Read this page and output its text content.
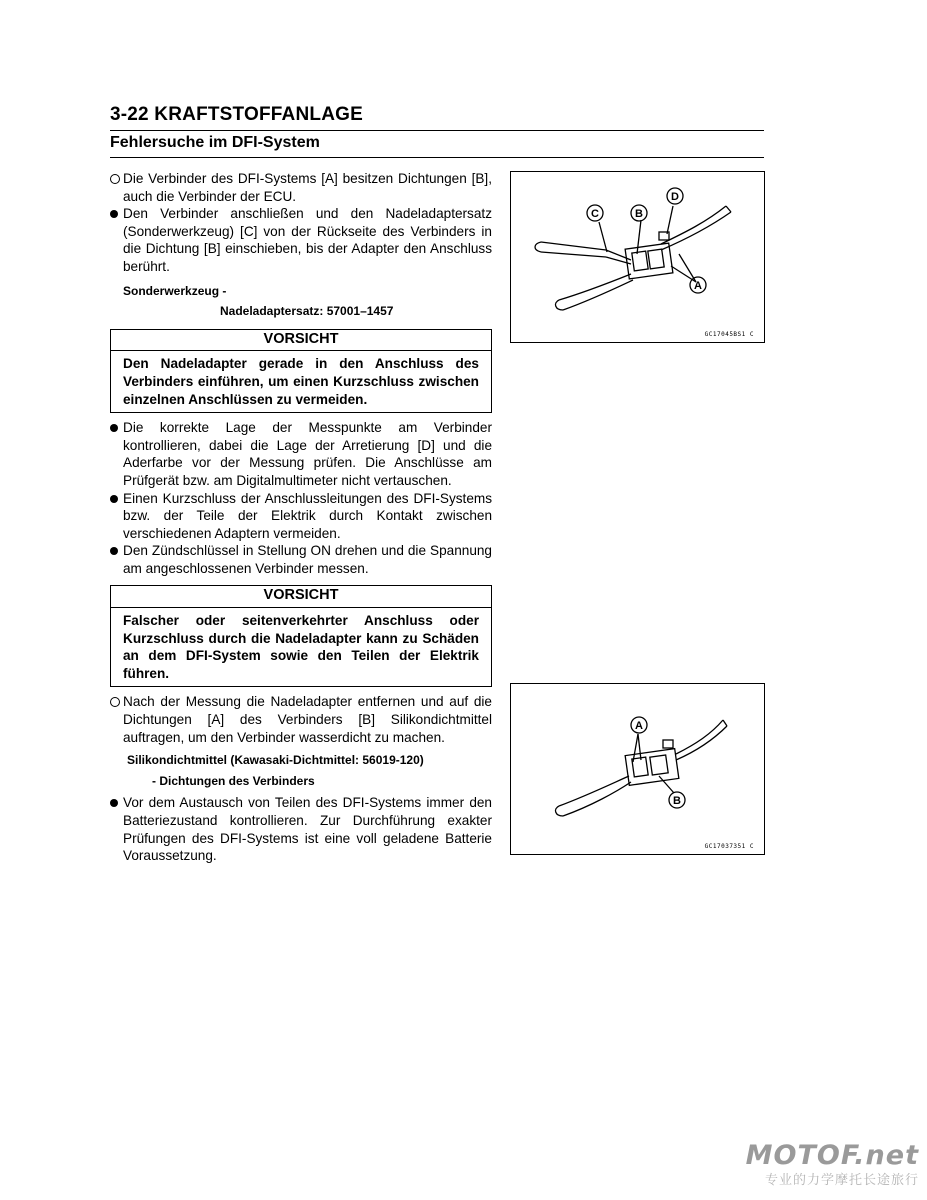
3-22 KRAFTSTOFFANLAGE
Fehlersuche im DFI-System
Die Verbinder des DFI-Systems [A] besitzen Dichtungen [B], auch die Verbinder der ECU.
Den Verbinder anschließen und den Nadeladaptersatz (Sonderwerkzeug) [C] von der Rückseite des Verbinders in die Dichtung [B] einschieben, bis der Adapter den Anschluss berührt.
Sonderwerkzeug -
Nadeladaptersatz: 57001–1457
VORSICHT
Den Nadeladapter gerade in den Anschluss des Verbinders einführen, um einen Kurzschluss zwischen einzelnen Anschlüssen zu vermeiden.
Die korrekte Lage der Messpunkte am Verbinder kontrollieren, dabei die Lage der Arretierung [D] und die Aderfarbe vor der Messung prüfen. Die Anschlüsse am Prüfgerät bzw. am Digitalmultimeter nicht vertauschen.
Einen Kurzschluss der Anschlussleitungen des DFI-Systems bzw. der Teile der Elektrik durch Kontakt zwischen verschiedenen Adaptern vermeiden.
Den Zündschlüssel in Stellung ON drehen und die Spannung am angeschlossenen Verbinder messen.
VORSICHT
Falscher oder seitenverkehrter Anschluss oder Kurzschluss durch die Nadeladapter kann zu Schäden an dem DFI-System sowie den Teilen der Elektrik führen.
Nach der Messung die Nadeladapter entfernen und auf die Dichtungen [A] des Verbinders [B] Silikondichtmittel auftragen, um den Verbinder wasserdicht zu machen.
Silikondichtmittel (Kawasaki-Dichtmittel: 56019-120)
- Dichtungen des Verbinders
Vor dem Austausch von Teilen des DFI-Systems immer den Batteriezustand kontrollieren. Zur Durchführung exakter Prüfungen des DFI-Systems ist eine voll geladene Batterie Voraussetzung.
C	B
D
A
GC17045BS1 C
A
B
GC17037351 C
MOTOF.net
专业的力学摩托长途旅行
